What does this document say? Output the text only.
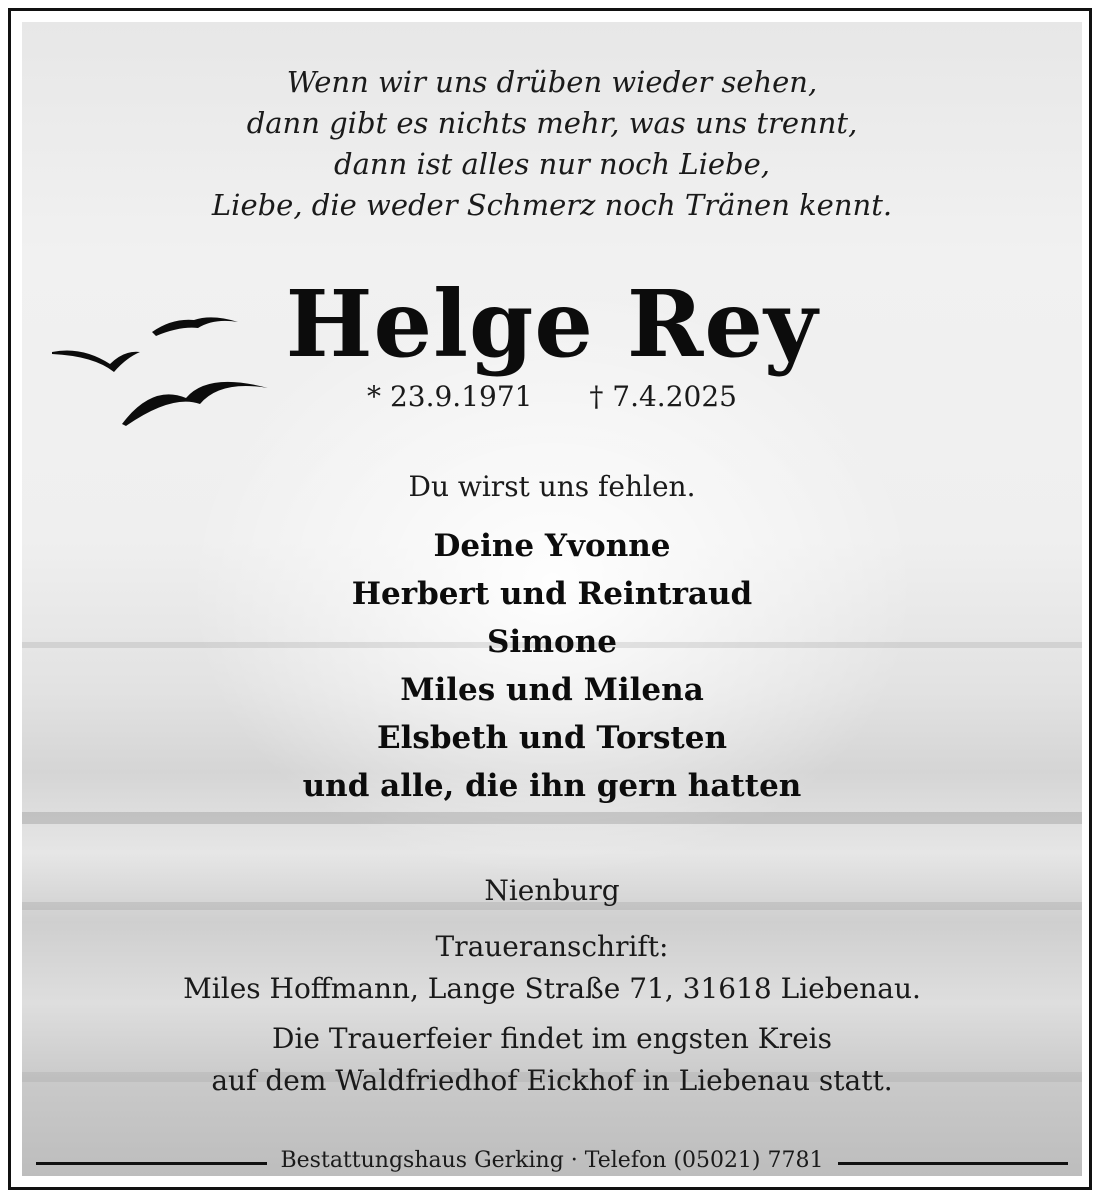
Wenn wir uns drüben wieder sehen,
dann gibt es nichts mehr, was uns trennt,
dann ist alles nur noch Liebe,
Liebe, die weder Schmerz noch Tränen kennt.
Helge Rey
* 23.9.1971 † 7.4.2025
Du wirst uns fehlen.
Deine Yvonne
Herbert und Reintraud
Simone
Miles und Milena
Elsbeth und Torsten
und alle, die ihn gern hatten
Nienburg
Traueranschrift:
Miles Hoffmann, Lange Straße 71, 31618 Liebenau.
Die Trauerfeier findet im engsten Kreis
auf dem Waldfriedhof Eickhof in Liebenau statt.
Bestattungshaus Gerking · Telefon (05021) 7781
